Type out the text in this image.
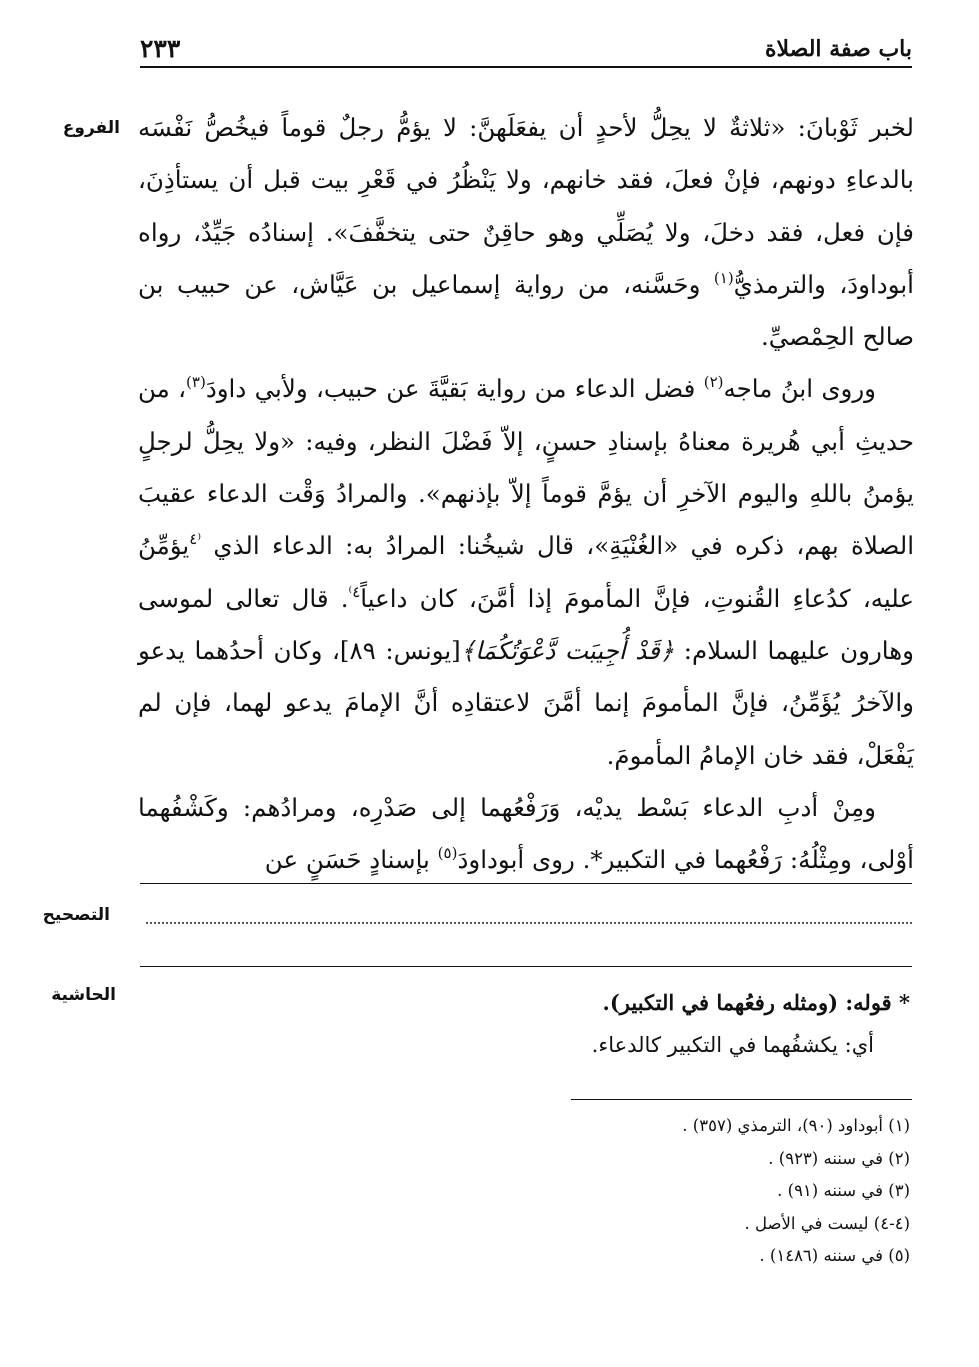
٢٣٣	باب صفة الصلاة
الفروع
التصحيح
الحاشية

لخبر ثَوْبانَ: «ثلاثةٌ لا يحِلُّ لأحدٍ أن يفعَلَهنَّ: لا يؤمُّ رجلٌ قوماً فيخُصُّ نَفْسَه بالدعاءِ دونهم، فإنْ فعلَ، فقد خانهم، ولا يَنْظُرُ في قَعْرِ بيت قبل أن يستأذِنَ، فإن فعل، فقد دخلَ، ولا يُصَلِّي وهو حاقِنٌ حتى يتخفَّفَ». إسنادُه جَيِّدٌ، رواه أبوداودَ، والترمذيُّ$^{(١)}$ وحَسَّنه، من رواية إسماعيل بن عَيَّاش، عن حبيب بن صالح الحِمْصيِّ.

وروى ابنُ ماجه$^{(٢)}$ فضل الدعاء من رواية بَقيَّةَ عن حبيب، ولأبي داودَ$^{(٣)}$، من حديثِ أبي هُريرة معناهُ بإسنادِ حسنٍ، إلاّ فَضْلَ النظر، وفيه: «ولا يحِلُّ لرجلٍ يؤمنُ باللهِ واليوم الآخرِ أن يؤمَّ قوماً إلاّ بإذنهم». والمرادُ وَقْت الدعاء عقيبَ الصلاة بهم، ذكره في «الغُنْيَةِ»، قال شيخُنا: المرادُ به: الدعاء الذي $^{^(٤}$يؤمِّنُ عليه، كدُعاءِ القُنوتِ، فإنَّ المأمومَ إذا أمَّنَ، كان داعياً$^{٤^)}$. قال تعالى لموسى وهارون عليهما السلام: ﴿قَدْ أُجِيبَت دَّعْوَتُكُمَا﴾[يونس: ٨٩]، وكان أحدُهما يدعو والآخرُ يُؤَمِّنُ، فإنَّ المأمومَ إنما أمَّنَ لاعتقادِه أنَّ الإمامَ يدعو لهما، فإن لم يَفْعَلْ، فقد خان الإمامُ المأمومَ.

ومِنْ أدبِ الدعاء بَسْط يديْه، وَرَفْعُهما إلى صَدْرِه، ومرادُهم: وكَشْفُهما أوْلى، ومِثْلُهُ: رَفْعُهما في التكبير*. روى أبوداودَ$^{(٥)}$ بإسنادٍ حَسَنٍ عن

* قوله: (ومثله رفعُهما في التكبير).
أي: يكشفُهما في التكبير كالدعاء.
(١) أبوداود (٩٠)، الترمذي (٣٥٧) .
(٢) في سننه (٩٢٣) .
(٣) في سننه (٩١) .
(٤-٤) ليست في الأصل .
(٥) في سننه (١٤٨٦) .
